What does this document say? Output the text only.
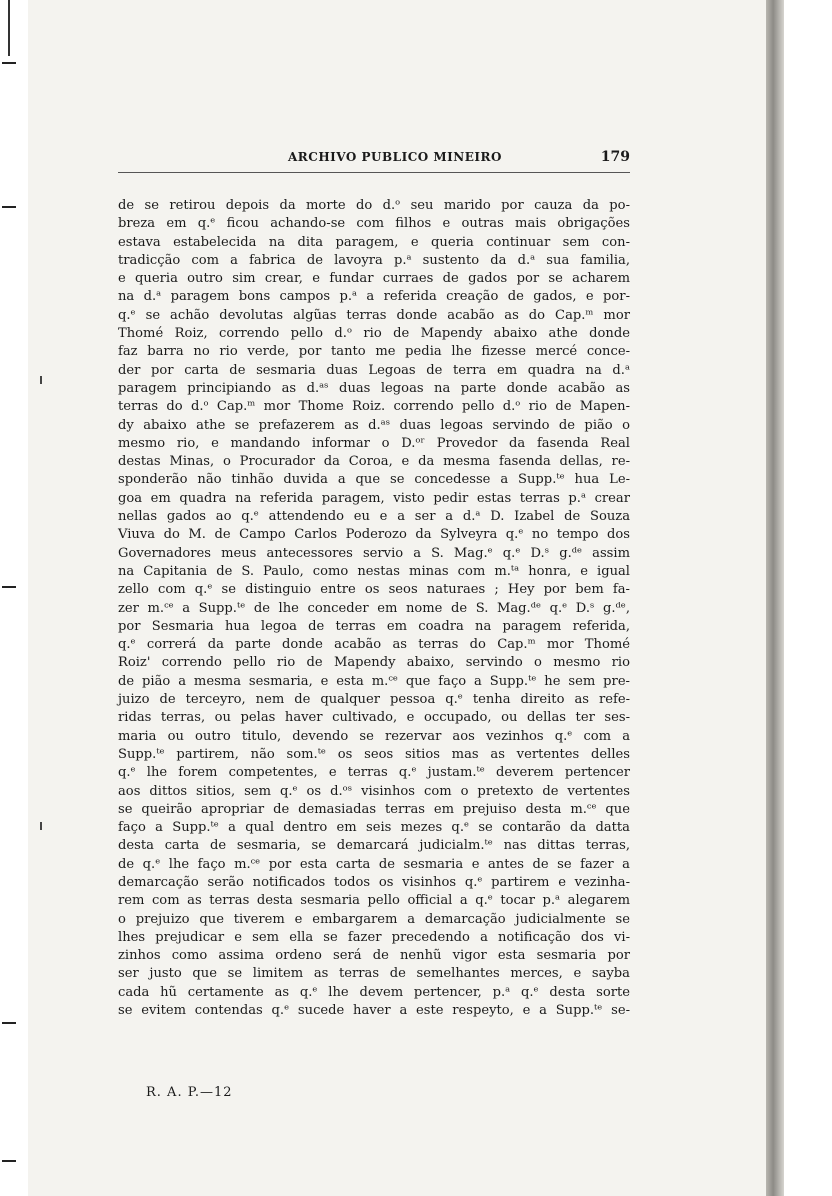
ARCHIVO PUBLICO MINEIRO	179
de se retirou depois da morte do d.ᵒ seu marido por cauza da po-
breza em q.ᵉ ficou achando-se com filhos e outras mais obrigações
estava estabelecida na dita paragem, e queria continuar sem con-
tradicção com a fabrica de lavoyra p.ᵃ sustento da d.ᵃ sua familia,
e queria outro sim crear, e fundar curraes de gados por se acharem
na d.ᵃ paragem bons campos p.ᵃ a referida creação de gados, e por-
q.ᵉ se achão devolutas algũas terras donde acabão as do Cap.ᵐ mor
Thomé Roiz, correndo pello d.ᵒ rio de Mapendy abaixo athe donde
faz barra no rio verde, por tanto me pedia lhe fizesse mercé conce-
der por carta de sesmaria duas Legoas de terra em quadra na d.ᵃ
paragem principiando as d.ᵃˢ duas legoas na parte donde acabão as
terras do d.ᵒ Cap.ᵐ mor Thome Roiz. correndo pello d.ᵒ rio de Mapen-
dy abaixo athe se prefazerem as d.ᵃˢ duas legoas servindo de pião o
mesmo rio, e mandando informar o D.ᵒʳ Provedor da fasenda Real
destas Minas, o Procurador da Coroa, e da mesma fasenda dellas, re-
sponderão não tinhão duvida a que se concedesse a Supp.ᵗᵉ hua Le-
goa em quadra na referida paragem, visto pedir estas terras p.ᵃ crear
nellas gados ao q.ᵉ attendendo eu e a ser a d.ᵃ D. Izabel de Souza
Viuva do M. de Campo Carlos Poderozo da Sylveyra q.ᵉ no tempo dos
Governadores meus antecessores servio a S. Mag.ᵉ q.ᵉ D.ˢ g.ᵈᵉ assim
na Capitania de S. Paulo, como nestas minas com m.ᵗᵃ honra, e igual
zello com q.ᵉ se distinguio entre os seos naturaes ; Hey por bem fa-
zer m.ᶜᵉ a Supp.ᵗᵉ de lhe conceder em nome de S. Mag.ᵈᵉ q.ᵉ D.ˢ g.ᵈᵉ,
por Sesmaria hua legoa de terras em coadra na paragem referida,
q.ᵉ correrá da parte donde acabão as terras do Cap.ᵐ mor Thomé
Roiz' correndo pello rio de Mapendy abaixo, servindo o mesmo rio
de pião a mesma sesmaria, e esta m.ᶜᵉ que faço a Supp.ᵗᵉ he sem pre-
juizo de terceyro, nem de qualquer pessoa q.ᵉ tenha direito as refe-
ridas terras, ou pelas haver cultivado, e occupado, ou dellas ter ses-
maria ou outro titulo, devendo se rezervar aos vezinhos q.ᵉ com a
Supp.ᵗᵉ partirem, não som.ᵗᵉ os seos sitios mas as vertentes delles
q.ᵉ lhe forem competentes, e terras q.ᵉ justam.ᵗᵉ deverem pertencer
aos dittos sitios, sem q.ᵉ os d.ᵒˢ visinhos com o pretexto de vertentes
se queirão apropriar de demasiadas terras em prejuiso desta m.ᶜᵉ que
faço a Supp.ᵗᵉ a qual dentro em seis mezes q.ᵉ se contarão da datta
desta carta de sesmaria, se demarcará judicialm.ᵗᵉ nas dittas terras,
de q.ᵉ lhe faço m.ᶜᵉ por esta carta de sesmaria e antes de se fazer a
demarcação serão notificados todos os visinhos q.ᵉ partirem e vezinha-
rem com as terras desta sesmaria pello official a q.ᵉ tocar p.ᵃ alegarem
o prejuizo que tiverem e embargarem a demarcação judicialmente se
lhes prejudicar e sem ella se fazer precedendo a notificação dos vi-
zinhos como assima ordeno será de nenhũ vigor esta sesmaria por
ser justo que se limitem as terras de semelhantes merces, e sayba
cada hũ certamente as q.ᵉ lhe devem pertencer, p.ᵃ q.ᵉ desta sorte
se evitem contendas q.ᵉ sucede haver a este respeyto, e a Supp.ᵗᵉ se-
R. A. P.—12
